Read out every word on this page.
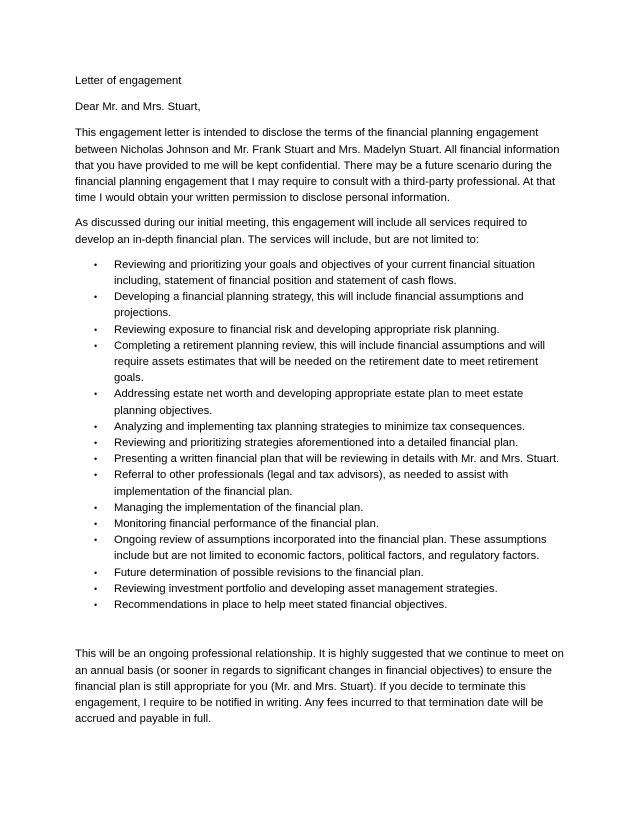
Letter of engagement

Dear Mr. and Mrs. Stuart,

This engagement letter is intended to disclose the terms of the financial planning engagement between Nicholas Johnson and Mr. Frank Stuart and Mrs. Madelyn Stuart. All financial information that you have provided to me will be kept confidential. There may be a future scenario during the financial planning engagement that I may require to consult with a third-party professional. At that time I would obtain your written permission to disclose personal information.

As discussed during our initial meeting, this engagement will include all services required to develop an in-depth financial plan. The services will include, but are not limited to:

• Reviewing and prioritizing your goals and objectives of your current financial situation including, statement of financial position and statement of cash flows.
• Developing a financial planning strategy, this will include financial assumptions and projections.
• Reviewing exposure to financial risk and developing appropriate risk planning.
• Completing a retirement planning review, this will include financial assumptions and will require assets estimates that will be needed on the retirement date to meet retirement goals.
• Addressing estate net worth and developing appropriate estate plan to meet estate planning objectives.
• Analyzing and implementing tax planning strategies to minimize tax consequences.
• Reviewing and prioritizing strategies aforementioned into a detailed financial plan.
• Presenting a written financial plan that will be reviewing in details with Mr. and Mrs. Stuart.
• Referral to other professionals (legal and tax advisors), as needed to assist with implementation of the financial plan.
• Managing the implementation of the financial plan.
• Monitoring financial performance of the financial plan.
• Ongoing review of assumptions incorporated into the financial plan. These assumptions include but are not limited to economic factors, political factors, and regulatory factors.
• Future determination of possible revisions to the financial plan.
• Reviewing investment portfolio and developing asset management strategies.
• Recommendations in place to help meet stated financial objectives.

This will be an ongoing professional relationship. It is highly suggested that we continue to meet on an annual basis (or sooner in regards to significant changes in financial objectives) to ensure the financial plan is still appropriate for you (Mr. and Mrs. Stuart). If you decide to terminate this engagement, I require to be notified in writing. Any fees incurred to that termination date will be accrued and payable in full.
